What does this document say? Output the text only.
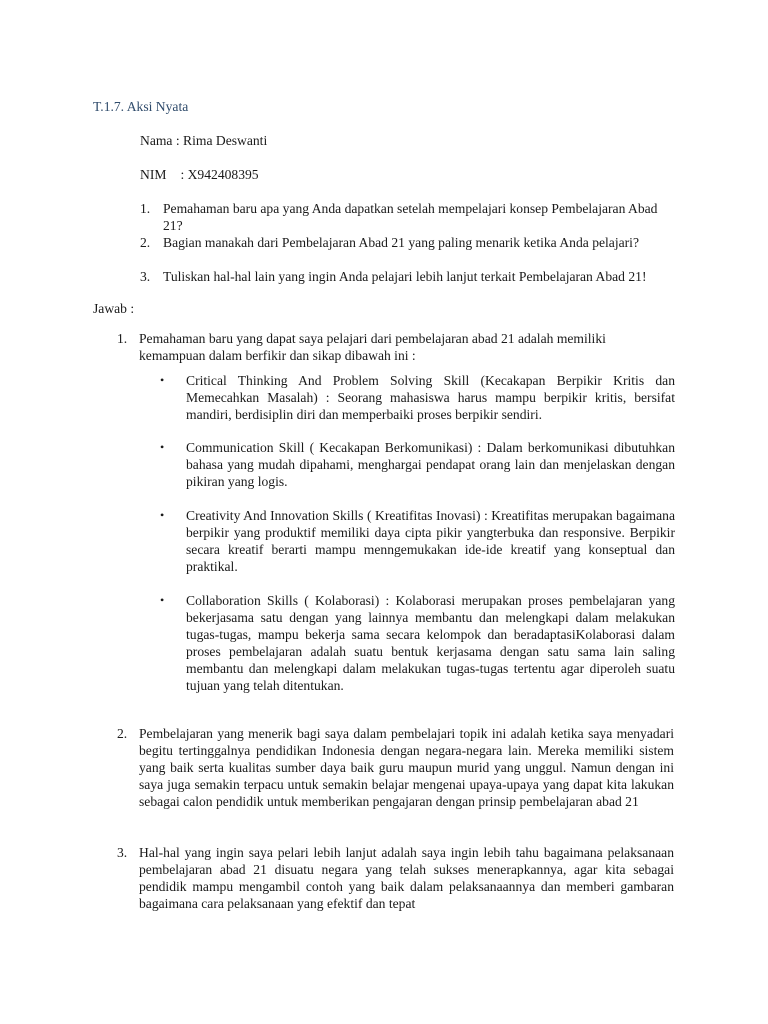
T.1.7. Aksi Nyata

Nama : Rima Deswanti

NIM : X942408395

1. Pemahaman baru apa yang Anda dapatkan setelah mempelajari konsep Pembelajaran Abad 21?
2. Bagian manakah dari Pembelajaran Abad 21 yang paling menarik ketika Anda pelajari?
3. Tuliskan hal-hal lain yang ingin Anda pelajari lebih lanjut terkait Pembelajaran Abad 21!

Jawab :

1. Pemahaman baru yang dapat saya pelajari dari pembelajaran abad 21 adalah memiliki kemampuan dalam berfikir dan sikap dibawah ini :
• Critical Thinking And Problem Solving Skill (Kecakapan Berpikir Kritis dan Memecahkan Masalah) : Seorang mahasiswa harus mampu berpikir kritis, bersifat mandiri, berdisiplin diri dan memperbaiki proses berpikir sendiri.
• Communication Skill ( Kecakapan Berkomunikasi) : Dalam berkomunikasi dibutuhkan bahasa yang mudah dipahami, menghargai pendapat orang lain dan menjelaskan dengan pikiran yang logis.
• Creativity And Innovation Skills ( Kreatifitas Inovasi) : Kreatifitas merupakan bagaimana berpikir yang produktif memiliki daya cipta pikir yangterbuka dan responsive. Berpikir secara kreatif berarti mampu menngemukakan ide-ide kreatif yang konseptual dan praktikal.
• Collaboration Skills ( Kolaborasi) : Kolaborasi merupakan proses pembelajaran yang bekerjasama satu dengan yang lainnya membantu dan melengkapi dalam melakukan tugas-tugas, mampu bekerja sama secara kelompok dan beradaptasiKolaborasi dalam proses pembelajaran adalah suatu bentuk kerjasama dengan satu sama lain saling membantu dan melengkapi dalam melakukan tugas-tugas tertentu agar diperoleh suatu tujuan yang telah ditentukan.
2. Pembelajaran yang menerik bagi saya dalam pembelajari topik ini adalah ketika saya menyadari begitu tertinggalnya pendidikan Indonesia dengan negara-negara lain. Mereka memiliki sistem yang baik serta kualitas sumber daya baik guru maupun murid yang unggul. Namun dengan ini saya juga semakin terpacu untuk semakin belajar mengenai upaya-upaya yang dapat kita lakukan sebagai calon pendidik untuk memberikan pengajaran dengan prinsip pembelajaran abad 21
3. Hal-hal yang ingin saya pelari lebih lanjut adalah saya ingin lebih tahu bagaimana pelaksanaan pembelajaran abad 21 disuatu negara yang telah sukses menerapkannya, agar kita sebagai pendidik mampu mengambil contoh yang baik dalam pelaksanaannya dan memberi gambaran bagaimana cara pelaksanaan yang efektif dan tepat
